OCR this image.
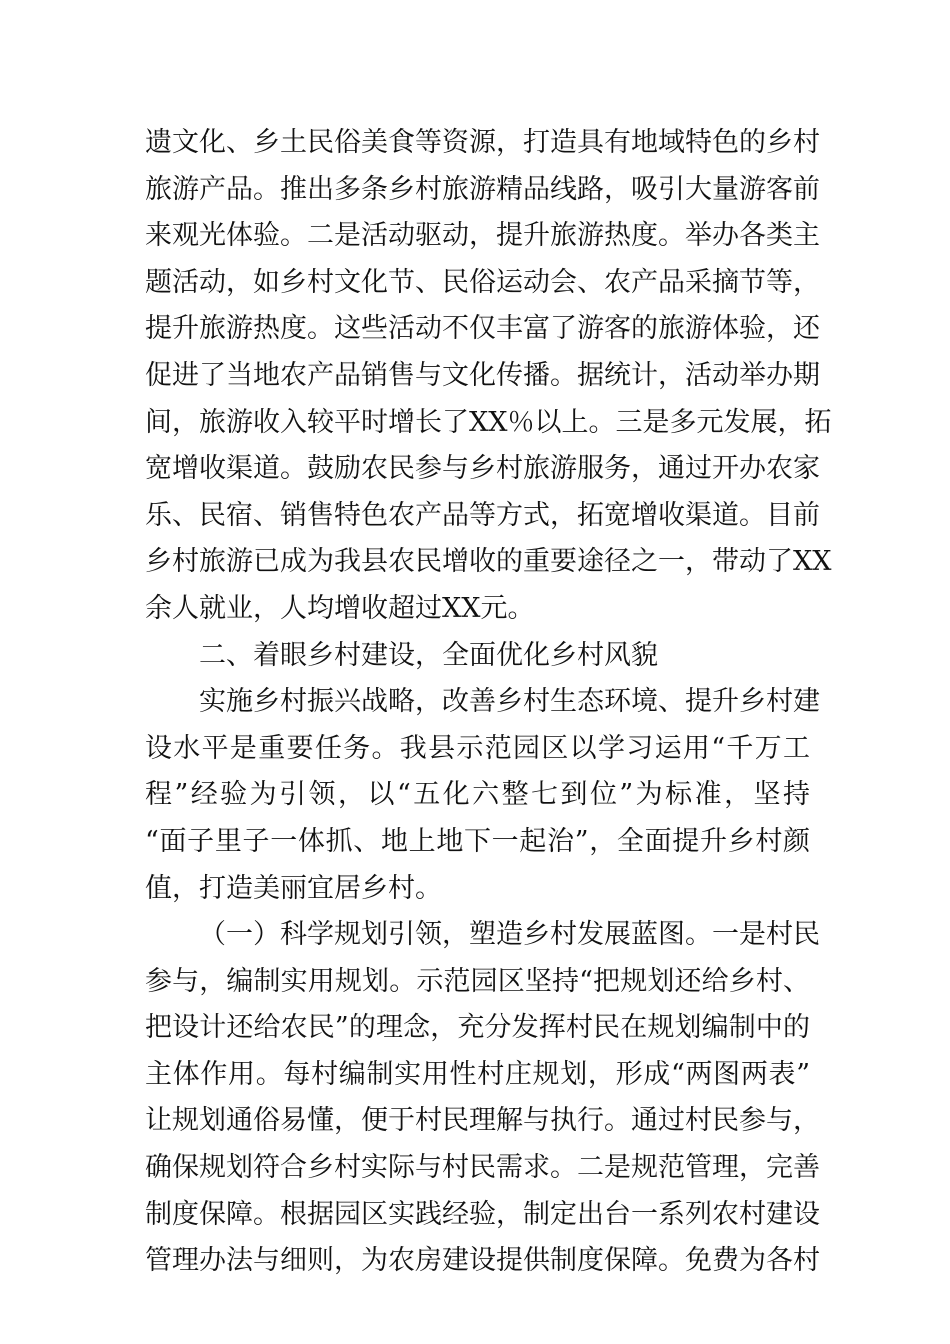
遗文化、乡土民俗美食等资源，打造具有地域特色的乡村
旅游产品。推出多条乡村旅游精品线路，吸引大量游客前
来观光体验。二是活动驱动，提升旅游热度。举办各类主
题活动，如乡村文化节、民俗运动会、农产品采摘节等，
提升旅游热度。这些活动不仅丰富了游客的旅游体验，还
促进了当地农产品销售与文化传播。据统计，活动举办期
间，旅游收入较平时增长了XX％以上。三是多元发展，拓
宽增收渠道。鼓励农民参与乡村旅游服务，通过开办农家
乐、民宿、销售特色农产品等方式，拓宽增收渠道。目前
乡村旅游已成为我县农民增收的重要途径之一，带动了XX
余人就业，人均增收超过XX元。
二、着眼乡村建设，全面优化乡村风貌
实施乡村振兴战略，改善乡村生态环境、提升乡村建
设水平是重要任务。我县示范园区以学习运用“千万工
程”经验为引领，以“五化六整七到位”为标准，坚持
“面子里子一体抓、地上地下一起治”，全面提升乡村颜
值，打造美丽宜居乡村。
（一）科学规划引领，塑造乡村发展蓝图。一是村民
参与，编制实用规划。示范园区坚持“把规划还给乡村、
把设计还给农民”的理念，充分发挥村民在规划编制中的
主体作用。每村编制实用性村庄规划，形成“两图两表”
让规划通俗易懂，便于村民理解与执行。通过村民参与，
确保规划符合乡村实际与村民需求。二是规范管理，完善
制度保障。根据园区实践经验，制定出台一系列农村建设
管理办法与细则，为农房建设提供制度保障。免费为各村
